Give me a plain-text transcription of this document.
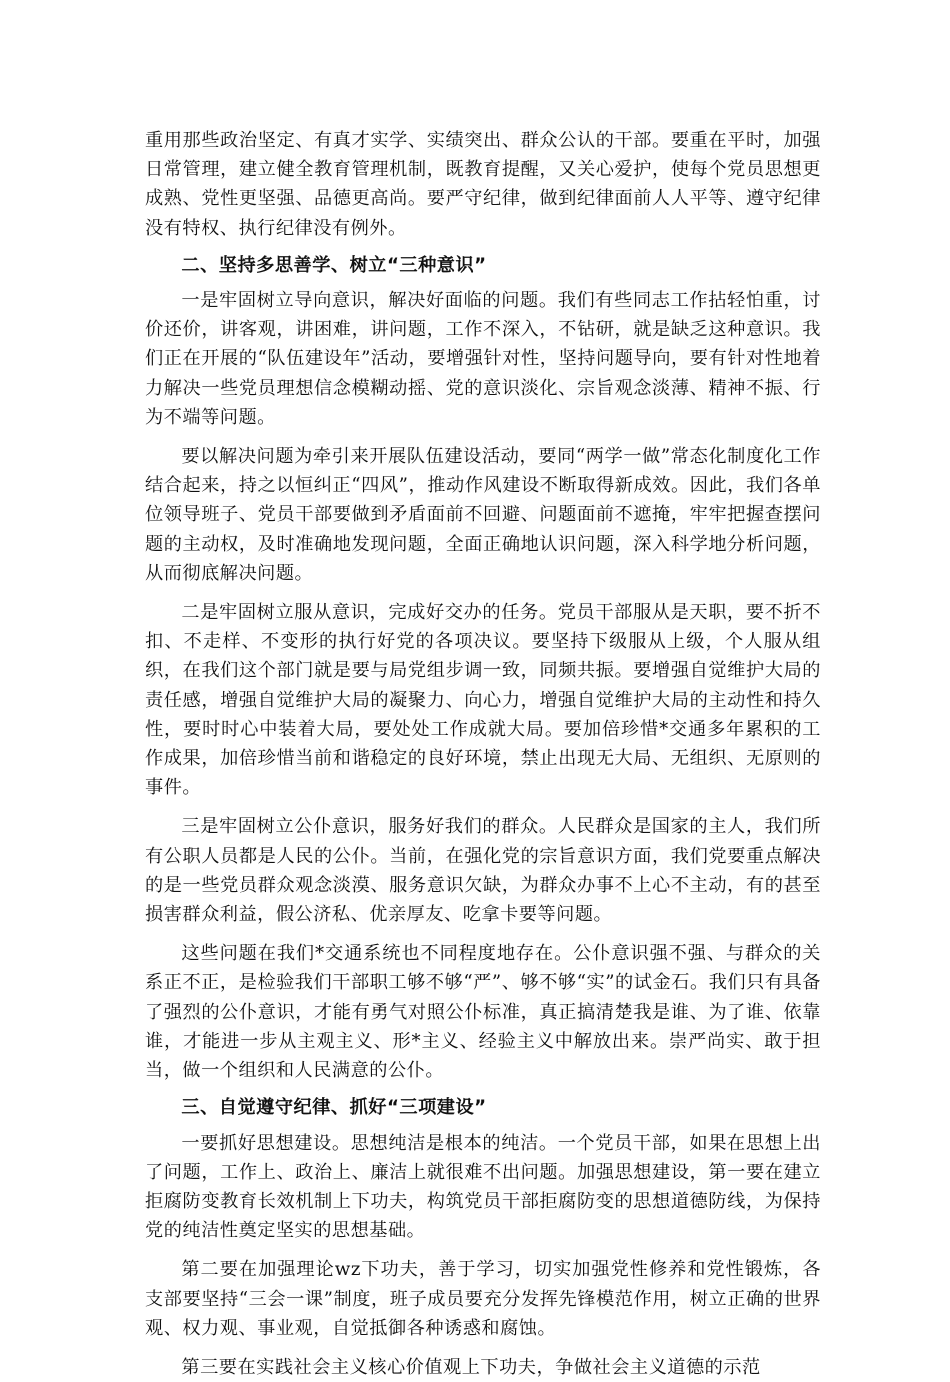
重用那些政治坚定、有真才实学、实绩突出、群众公认的干部。要重在平时，加强日常管理，建立健全教育管理机制，既教育提醒，又关心爱护，使每个党员思想更成熟、党性更坚强、品德更高尚。要严守纪律，做到纪律面前人人平等、遵守纪律没有特权、执行纪律没有例外。

二、坚持多思善学、树立“三种意识”

一是牢固树立导向意识，解决好面临的问题。我们有些同志工作拈轻怕重，讨价还价，讲客观，讲困难，讲问题，工作不深入，不钻研，就是缺乏这种意识。我们正在开展的“队伍建设年”活动，要增强针对性，坚持问题导向，要有针对性地着力解决一些党员理想信念模糊动摇、党的意识淡化、宗旨观念淡薄、精神不振、行为不端等问题。

要以解决问题为牵引来开展队伍建设活动，要同“两学一做”常态化制度化工作结合起来，持之以恒纠正“四风”，推动作风建设不断取得新成效。因此，我们各单位领导班子、党员干部要做到矛盾面前不回避、问题面前不遮掩，牢牢把握查摆问题的主动权，及时准确地发现问题，全面正确地认识问题，深入科学地分析问题，从而彻底解决问题。

二是牢固树立服从意识，完成好交办的任务。党员干部服从是天职，要不折不扣、不走样、不变形的执行好党的各项决议。要坚持下级服从上级，个人服从组织，在我们这个部门就是要与局党组步调一致，同频共振。要增强自觉维护大局的责任感，增强自觉维护大局的凝聚力、向心力，增强自觉维护大局的主动性和持久性，要时时心中装着大局，要处处工作成就大局。要加倍珍惜*交通多年累积的工作成果，加倍珍惜当前和谐稳定的良好环境，禁止出现无大局、无组织、无原则的事件。

三是牢固树立公仆意识，服务好我们的群众。人民群众是国家的主人，我们所有公职人员都是人民的公仆。当前，在强化党的宗旨意识方面，我们党要重点解决的是一些党员群众观念淡漠、服务意识欠缺，为群众办事不上心不主动，有的甚至损害群众利益，假公济私、优亲厚友、吃拿卡要等问题。

这些问题在我们*交通系统也不同程度地存在。公仆意识强不强、与群众的关系正不正，是检验我们干部职工够不够“严”、够不够“实”的试金石。我们只有具备了强烈的公仆意识，才能有勇气对照公仆标准，真正搞清楚我是谁、为了谁、依靠谁，才能进一步从主观主义、形*主义、经验主义中解放出来。崇严尚实、敢于担当，做一个组织和人民满意的公仆。

三、自觉遵守纪律、抓好“三项建设”

一要抓好思想建设。思想纯洁是根本的纯洁。一个党员干部，如果在思想上出了问题，工作上、政治上、廉洁上就很难不出问题。加强思想建设，第一要在建立拒腐防变教育长效机制上下功夫，构筑党员干部拒腐防变的思想道德防线，为保持党的纯洁性奠定坚实的思想基础。

第二要在加强理论wz下功夫，善于学习，切实加强党性修养和党性锻炼，各支部要坚持“三会一课”制度，班子成员要充分发挥先锋模范作用，树立正确的世界观、权力观、事业观，自觉抵御各种诱惑和腐蚀。

第三要在实践社会主义核心价值观上下功夫，争做社会主义道德的示范
